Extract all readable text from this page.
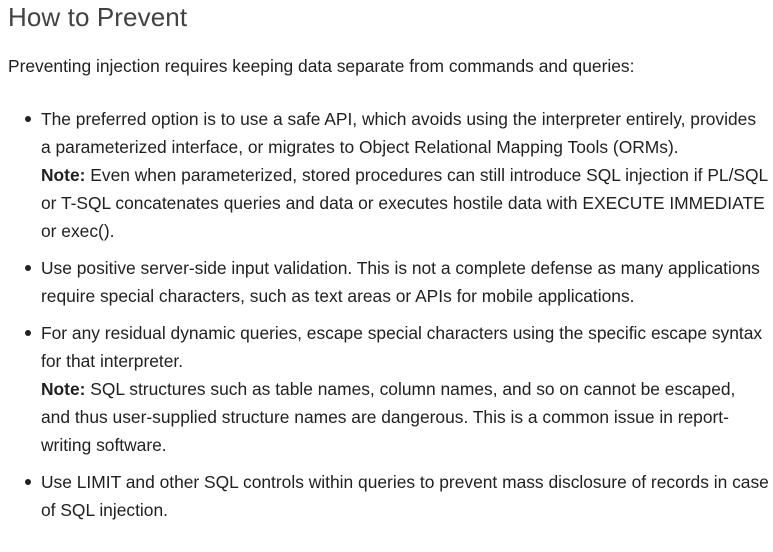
How to Prevent

Preventing injection requires keeping data separate from commands and queries:

The preferred option is to use a safe API, which avoids using the interpreter entirely, provides a parameterized interface, or migrates to Object Relational Mapping Tools (ORMs).
Note: Even when parameterized, stored procedures can still introduce SQL injection if PL/SQL or T-SQL concatenates queries and data or executes hostile data with EXECUTE IMMEDIATE or exec().
Use positive server-side input validation. This is not a complete defense as many applications require special characters, such as text areas or APIs for mobile applications.
For any residual dynamic queries, escape special characters using the specific escape syntax for that interpreter.
Note: SQL structures such as table names, column names, and so on cannot be escaped, and thus user-supplied structure names are dangerous. This is a common issue in report-writing software.
Use LIMIT and other SQL controls within queries to prevent mass disclosure of records in case of SQL injection.
